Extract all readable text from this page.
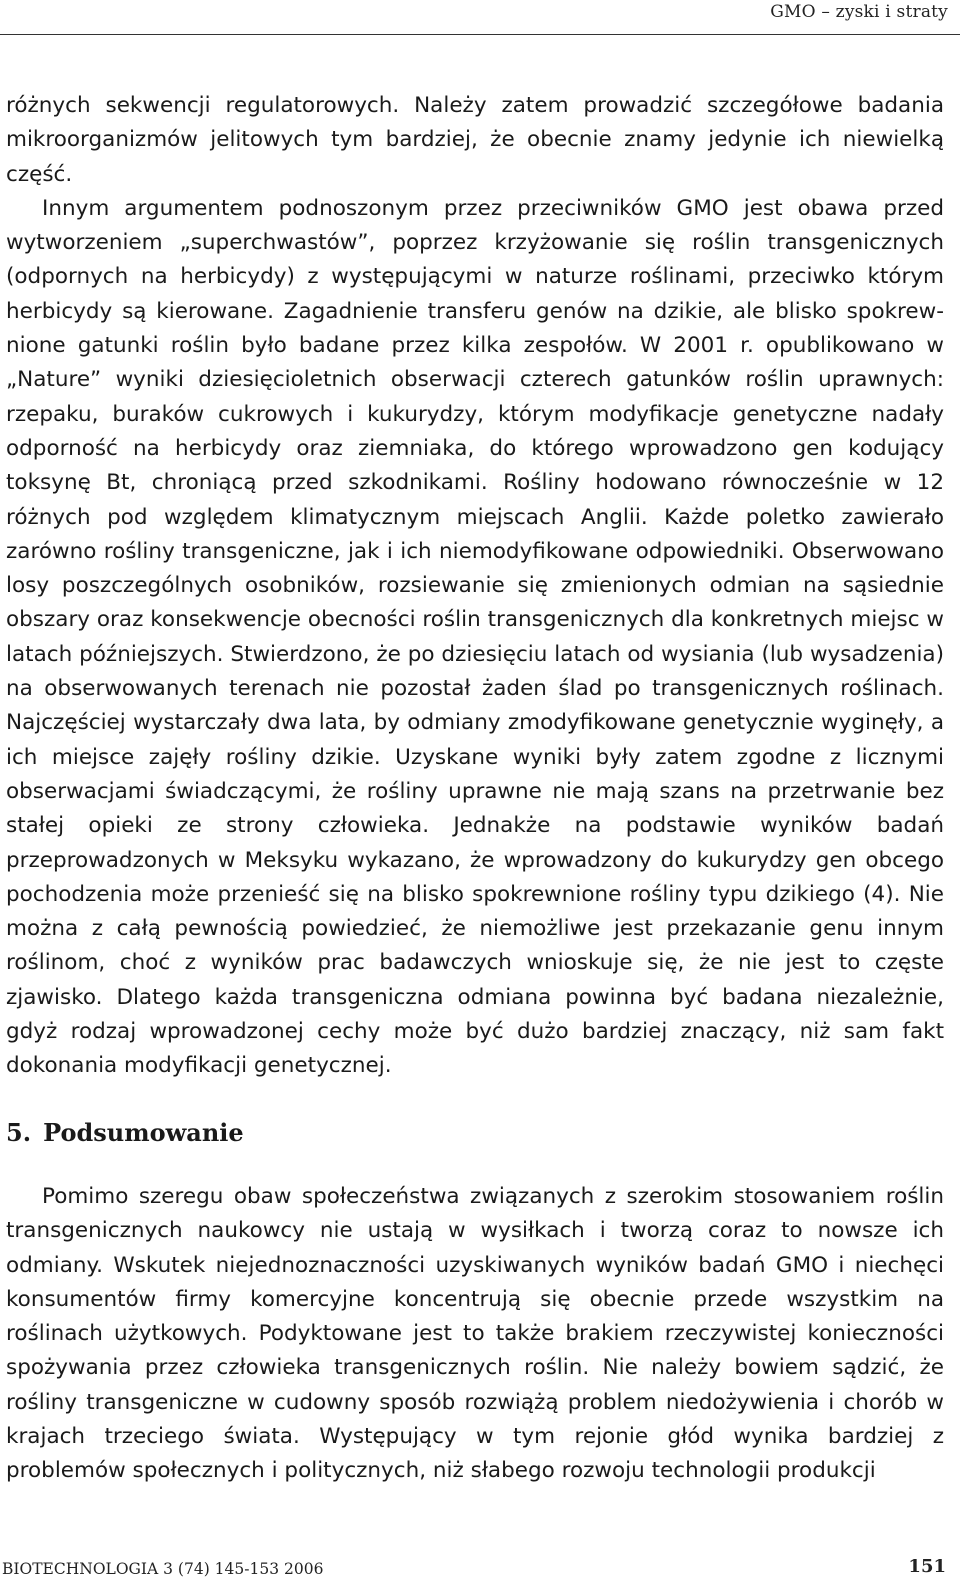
GMO – zyski i straty

różnych sekwencji regulatorowych. Należy zatem prowadzić szczegółowe badania mikroorganizmów jelitowych tym bardziej, że obecnie znamy jedynie ich niewielką część.

Innym argumentem podnoszonym przez przeciwników GMO jest obawa przed wytworzeniem „superchwastów”, poprzez krzyżowanie się roślin transgenicznych (odpornych na herbicydy) z występującymi w naturze roślinami, przeciwko którym herbicydy są kierowane. Zagadnienie transferu genów na dzikie, ale blisko spokrewnione gatunki roślin było badane przez kilka zespołów. W 2001 r. opublikowano w „Nature” wyniki dziesięcioletnich obserwacji czterech gatunków roślin uprawnych: rzepaku, buraków cukrowych i kukurydzy, którym modyfikacje genetyczne nadały odporność na herbicydy oraz ziemniaka, do którego wprowadzono gen kodujący toksynę Bt, chroniącą przed szkodnikami. Rośliny hodowano równocześnie w 12 różnych pod względem klimatycznym miejscach Anglii. Każde poletko zawierało zarówno rośliny transgeniczne, jak i ich niemodyfikowane odpowiedniki. Obserwowano losy poszczególnych osobników, rozsiewanie się zmienionych odmian na sąsiednie obszary oraz konsekwencje obecności roślin transgenicznych dla konkretnych miejsc w latach późniejszych. Stwierdzono, że po dziesięciu latach od wysiania (lub wysadzenia) na obserwowanych terenach nie pozostał żaden ślad po transgenicznych roślinach. Najczęściej wystarczały dwa lata, by odmiany zmodyfikowane genetycznie wyginęły, a ich miejsce zajęły rośliny dzikie. Uzyskane wyniki były zatem zgodne z licznymi obserwacjami świadczącymi, że rośliny uprawne nie mają szans na przetrwanie bez stałej opieki ze strony człowieka. Jednakże na podstawie wyników badań przeprowadzonych w Meksyku wykazano, że wprowadzony do kukurydzy gen obcego pochodzenia może przenieść się na blisko spokrewnione rośliny typu dzikiego (4). Nie można z całą pewnością powiedzieć, że niemożliwe jest przekazanie genu innym roślinom, choć z wyników prac badawczych wnioskuje się, że nie jest to częste zjawisko. Dlatego każda transgeniczna odmiana powinna być badana niezależnie, gdyż rodzaj wprowadzonej cechy może być dużo bardziej znaczący, niż sam fakt dokonania modyfikacji genetycznej.

5. Podsumowanie

Pomimo szeregu obaw społeczeństwa związanych z szerokim stosowaniem roślin transgenicznych naukowcy nie ustają w wysiłkach i tworzą coraz to nowsze ich odmiany. Wskutek niejednoznaczności uzyskiwanych wyników badań GMO i niechęci konsumentów firmy komercyjne koncentrują się obecnie przede wszystkim na roślinach użytkowych. Podyktowane jest to także brakiem rzeczywistej konieczności spożywania przez człowieka transgenicznych roślin. Nie należy bowiem sądzić, że rośliny transgeniczne w cudowny sposób rozwiążą problem niedożywienia i chorób w krajach trzeciego świata. Występujący w tym rejonie głód wynika bardziej z problemów społecznych i politycznych, niż słabego rozwoju technologii produkcji

BIOTECHNOLOGIA 3 (74) 145-153 2006	151
